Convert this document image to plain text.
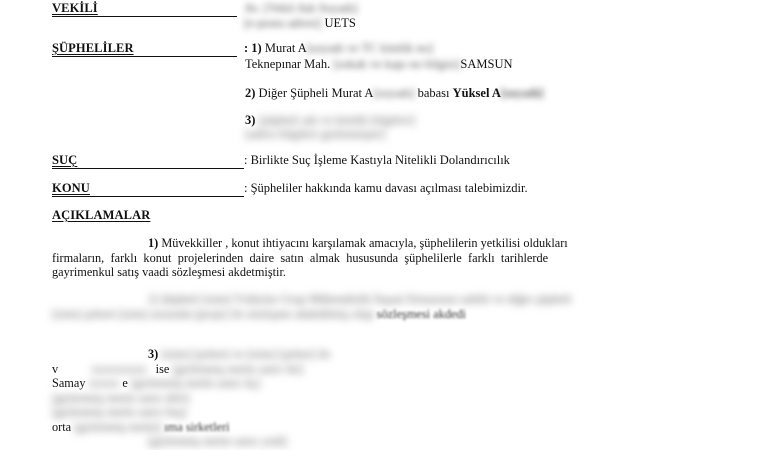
VEKİLİ	Av. [Vekil Adı Soyadı]
[e-posta adresi] UETS
ŞÜPHELİLER	: 1) Murat A[soyadı ve TC kimlik no]
Teknepınar Mah. [sokak ve kapı no bilgisi]SAMSUN
2) Diğer Şüpheli Murat A[soyadı] babası Yüksel A[soyadı]
3) [şüpheli adı ve kimlik bilgileri]
[adres bilgileri gizlenmiştir]
SUÇ	: Birlikte Suç İşleme Kastıyla Nitelikli Dolandırıcılık
KONU	: Şüpheliler hakkında kamu davası açılması talebimizdir.
AÇIKLAMALAR
1) Müvekkiller , konut ihtiyacını karşılamak amacıyla, şüphelilerin yetkilisi oldukları
firmaların, farklı konut projelerinden daire satın almak hususunda şüphelilerle farklı tarihlerde
gayrimenkul satış vaadi sözleşmesi akdetmiştir.
2) Şüpheli [isim] Yıldızlar Grup Mühendislik İnşaat firmasının sahibi ve diğer şüpheli
[isim] şirketi [isim] arasında [proje] ile sözleşme akdedilmiş olup sözleşmesi akdedi
3) [isim] [şirket] ve [isim] [şirket] ile
v	xxxxxxxxx ise [gizlenmiş metin satırı iki]
Samay xxxxx e [gizlenmiş metin satırı üç]
[gizlenmiş metin satırı dört]
[gizlenmiş metin satırı beş]
orta [gizlenmiş metin] ıma sirketleri
[gizlenmiş metin satırı yedi]
